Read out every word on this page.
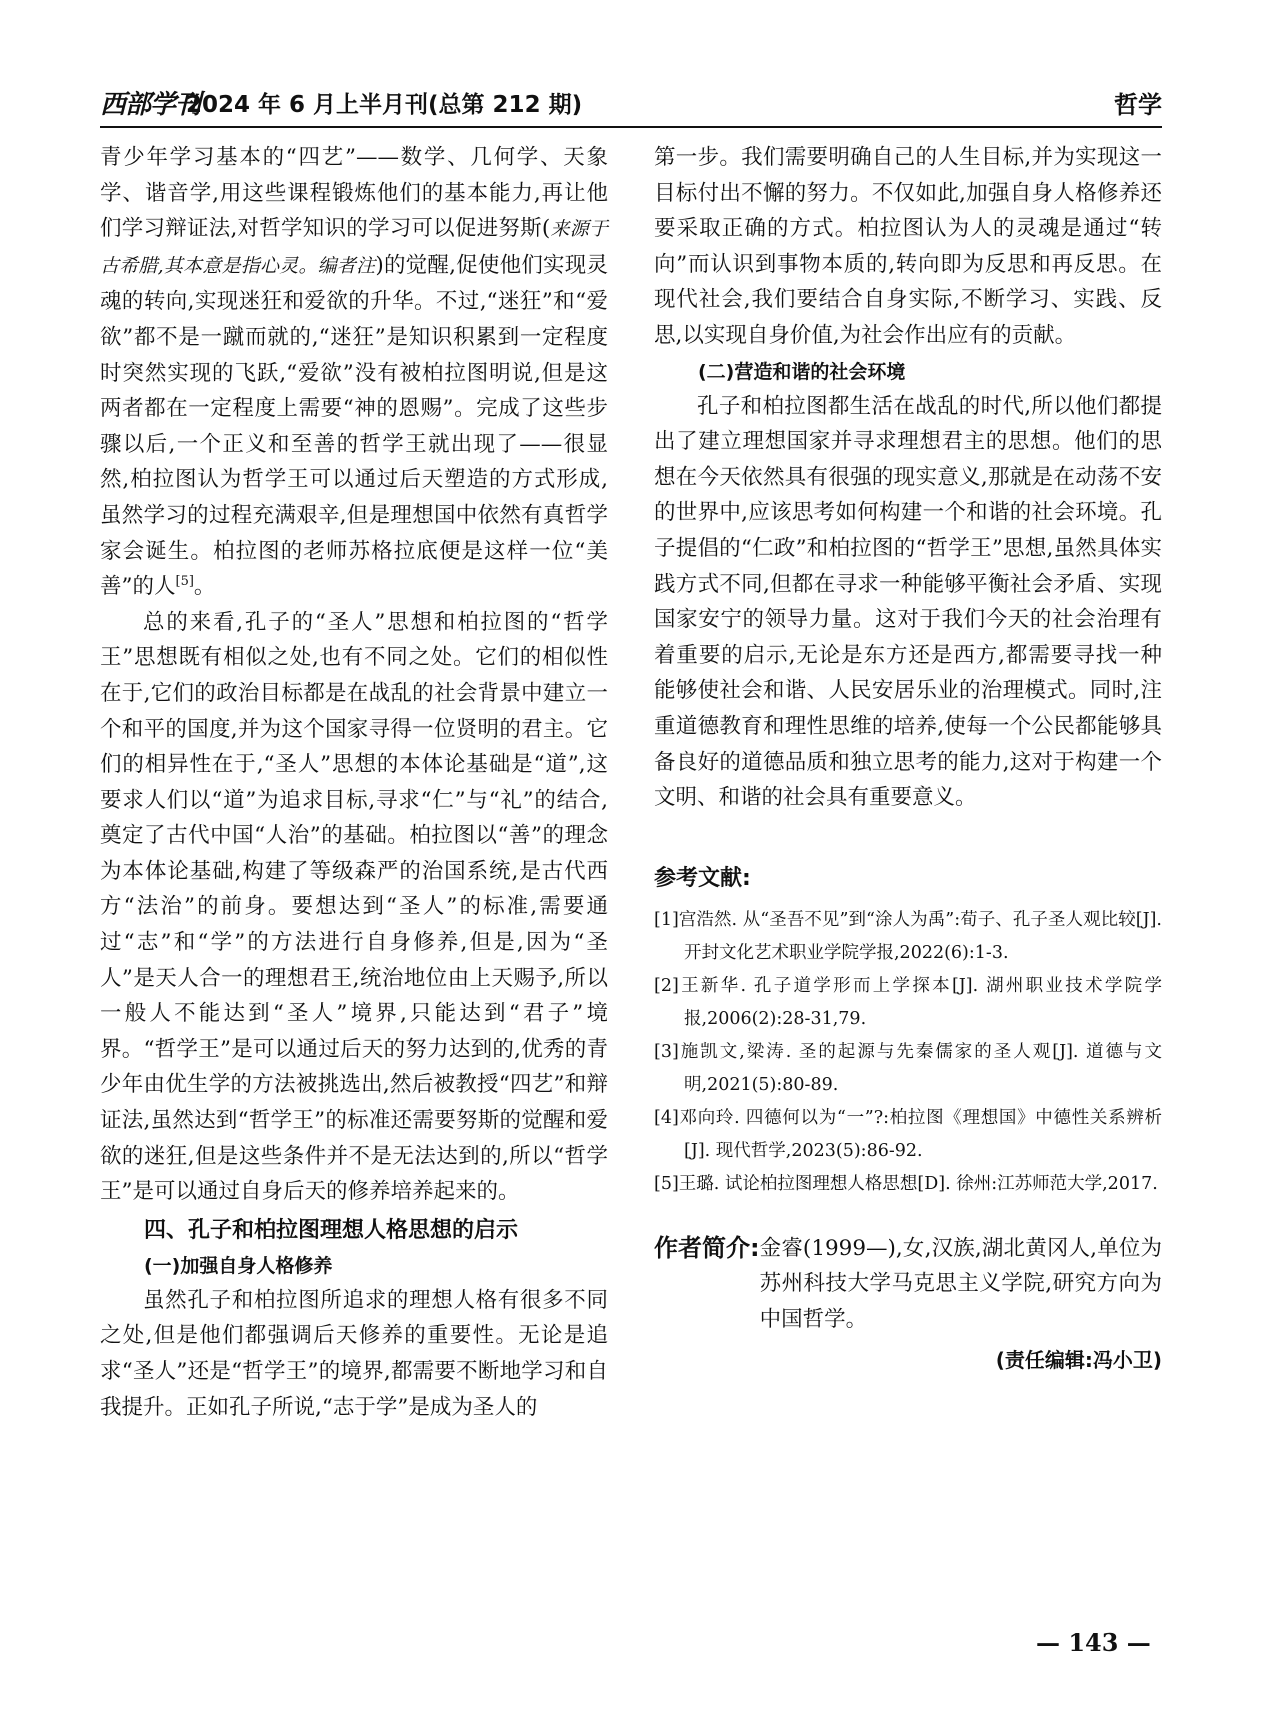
西部学刊
2024 年 6 月上半月刊(总第 212 期)	哲学

青少年学习基本的“四艺”——数学、几何学、天象学、谐音学,用这些课程锻炼他们的基本能力,再让他们学习辩证法,对哲学知识的学习可以促进努斯(来源于古希腊,其本意是指心灵。编者注)的觉醒,促使他们实现灵魂的转向,实现迷狂和爱欲的升华。不过,“迷狂”和“爱欲”都不是一蹴而就的,“迷狂”是知识积累到一定程度时突然实现的飞跃,“爱欲”没有被柏拉图明说,但是这两者都在一定程度上需要“神的恩赐”。完成了这些步骤以后,一个正义和至善的哲学王就出现了——很显然,柏拉图认为哲学王可以通过后天塑造的方式形成,虽然学习的过程充满艰辛,但是理想国中依然有真哲学家会诞生。柏拉图的老师苏格拉底便是这样一位“美善”的人[5]。

总的来看,孔子的“圣人”思想和柏拉图的“哲学王”思想既有相似之处,也有不同之处。它们的相似性在于,它们的政治目标都是在战乱的社会背景中建立一个和平的国度,并为这个国家寻得一位贤明的君主。它们的相异性在于,“圣人”思想的本体论基础是“道”,这要求人们以“道”为追求目标,寻求“仁”与“礼”的结合,奠定了古代中国“人治”的基础。柏拉图以“善”的理念为本体论基础,构建了等级森严的治国系统,是古代西方“法治”的前身。要想达到“圣人”的标准,需要通过“志”和“学”的方法进行自身修养,但是,因为“圣人”是天人合一的理想君王,统治地位由上天赐予,所以一般人不能达到“圣人”境界,只能达到“君子”境界。“哲学王”是可以通过后天的努力达到的,优秀的青少年由优生学的方法被挑选出,然后被教授“四艺”和辩证法,虽然达到“哲学王”的标准还需要努斯的觉醒和爱欲的迷狂,但是这些条件并不是无法达到的,所以“哲学王”是可以通过自身后天的修养培养起来的。

四、孔子和柏拉图理想人格思想的启示
(一)加强自身人格修养

虽然孔子和柏拉图所追求的理想人格有很多不同之处,但是他们都强调后天修养的重要性。无论是追求“圣人”还是“哲学王”的境界,都需要不断地学习和自我提升。正如孔子所说,“志于学”是成为圣人的

第一步。我们需要明确自己的人生目标,并为实现这一目标付出不懈的努力。不仅如此,加强自身人格修养还要采取正确的方式。柏拉图认为人的灵魂是通过“转向”而认识到事物本质的,转向即为反思和再反思。在现代社会,我们要结合自身实际,不断学习、实践、反思,以实现自身价值,为社会作出应有的贡献。

(二)营造和谐的社会环境

孔子和柏拉图都生活在战乱的时代,所以他们都提出了建立理想国家并寻求理想君主的思想。他们的思想在今天依然具有很强的现实意义,那就是在动荡不安的世界中,应该思考如何构建一个和谐的社会环境。孔子提倡的“仁政”和柏拉图的“哲学王”思想,虽然具体实践方式不同,但都在寻求一种能够平衡社会矛盾、实现国家安宁的领导力量。这对于我们今天的社会治理有着重要的启示,无论是东方还是西方,都需要寻找一种能够使社会和谐、人民安居乐业的治理模式。同时,注重道德教育和理性思维的培养,使每一个公民都能够具备良好的道德品质和独立思考的能力,这对于构建一个文明、和谐的社会具有重要意义。

参考文献:

[1]宫浩然. 从“圣吾不见”到“涂人为禹”:荀子、孔子圣人观比较[J]. 开封文化艺术职业学院学报,2022(6):1-3.

[2]王新华. 孔子道学形而上学探本[J]. 湖州职业技术学院学报,2006(2):28-31,79.

[3]施凯文,梁涛. 圣的起源与先秦儒家的圣人观[J]. 道德与文明,2021(5):80-89.

[4]邓向玲. 四德何以为“一”?:柏拉图《理想国》中德性关系辨析[J]. 现代哲学,2023(5):86-92.

[5]王璐. 试论柏拉图理想人格思想[D]. 徐州:江苏师范大学,2017.

作者简介: 金睿(1999—),女,汉族,湖北黄冈人,单位为苏州科技大学马克思主义学院,研究方向为中国哲学。
(责任编辑:冯小卫)
— 143 —
